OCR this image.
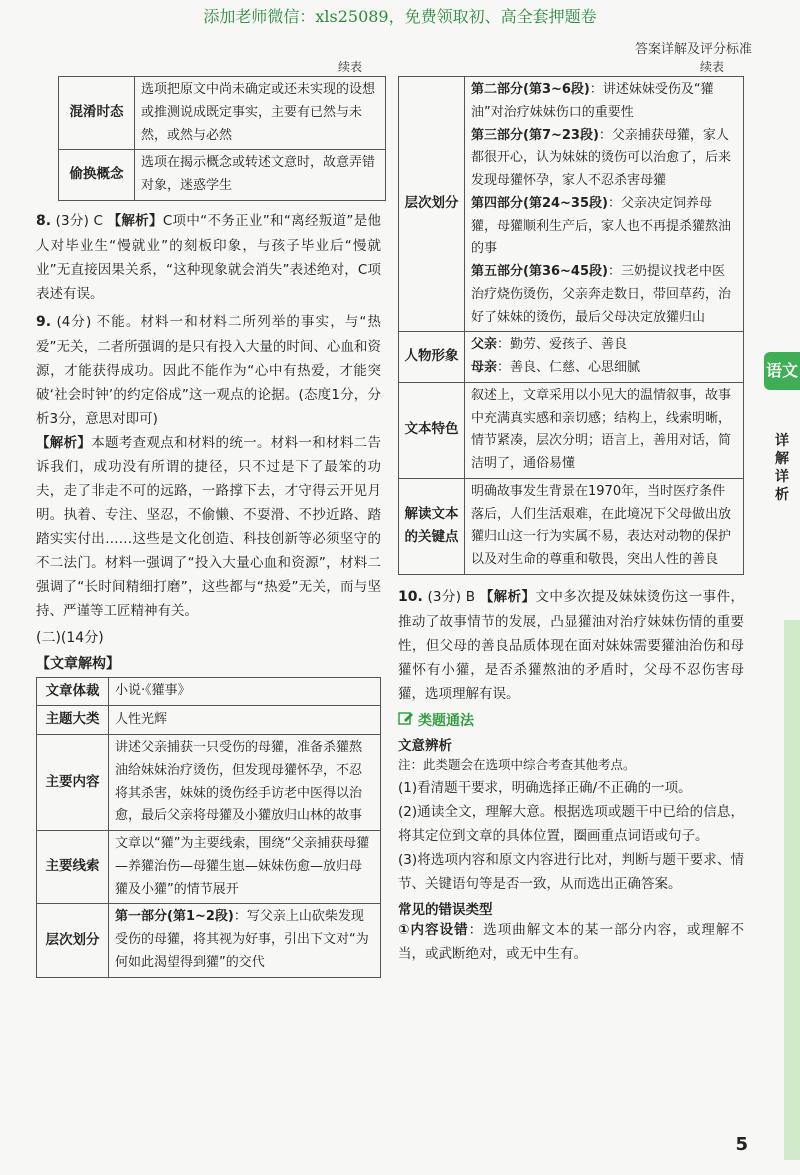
添加老师微信：xls25089，免费领取初、高全套押题卷
答案详解及评分标准
续表	续表
混淆时态	选项把原文中尚未确定或还未实现的设想或推测说成既定事实，主要有已然与未然，或然与必然
偷换概念	选项在揭示概念或转述文意时，故意弄错对象，迷惑学生
8. (3分) C 【解析】C项中“不务正业”和“离经叛道”是他人对毕业生“慢就业”的刻板印象，与孩子毕业后“慢就业”无直接因果关系，“这种现象就会消失”表述绝对，C项表述有误。
9. (4分) 不能。材料一和材料二所列举的事实，与“热爱”无关，二者所强调的是只有投入大量的时间、心血和资源，才能获得成功。因此不能作为“心中有热爱，才能突破‘社会时钟’的约定俗成”这一观点的论据。(态度1分，分析3分，意思对即可)
【解析】本题考查观点和材料的统一。材料一和材料二告诉我们，成功没有所谓的捷径，只不过是下了最笨的功夫，走了非走不可的远路，一路撑下去，才守得云开见月明。执着、专注、坚忍，不偷懒、不耍滑、不抄近路、踏踏实实付出……这些是文化创造、科技创新等必须坚守的不二法门。材料一强调了“投入大量心血和资源”，材料二强调了“长时间精细打磨”，这些都与“热爱”无关，而与坚持、严谨等工匠精神有关。
(二)(14分)
【文章解构】
文章体裁	小说·《獾事》
主题大类	人性光辉
主要内容	讲述父亲捕获一只受伤的母獾，准备杀獾熬油给妹妹治疗烫伤，但发现母獾怀孕，不忍将其杀害，妹妹的烫伤经手访老中医得以治愈，最后父亲将母獾及小獾放归山林的故事
主要线索	文章以“獾”为主要线索，围绕“父亲捕获母獾—养獾治伤—母獾生崽—妹妹伤愈—放归母獾及小獾”的情节展开
层次划分	第一部分(第1~2段)：写父亲上山砍柴发现受伤的母獾，将其视为好事，引出下文对“为何如此渴望得到獾”的交代
层次划分	第二部分(第3~6段)：讲述妹妹受伤及“獾油”对治疗妹妹伤口的重要性
第三部分(第7~23段)：父亲捕获母獾，家人都很开心，认为妹妹的烫伤可以治愈了，后来发现母獾怀孕，家人不忍杀害母獾
第四部分(第24~35段)：父亲决定饲养母獾，母獾顺利生产后，家人也不再提杀獾熬油的事
第五部分(第36~45段)：三奶提议找老中医治疗烧伤烫伤，父亲奔走数日，带回草药，治好了妹妹的烫伤，最后父母决定放獾归山

人物形象	父亲：勤劳、爱孩子、善良
母亲：善良、仁慈、心思细腻

文本特色	叙述上，文章采用以小见大的温情叙事，故事中充满真实感和亲切感；结构上，线索明晰，情节紧凑，层次分明；语言上，善用对话，简洁明了，通俗易懂
解读文本的关键点	明确故事发生背景在1970年，当时医疗条件落后，人们生活艰难，在此境况下父母做出放獾归山这一行为实属不易，表达对动物的保护以及对生命的尊重和敬畏，突出人性的善良
10. (3分) B 【解析】文中多次提及妹妹烫伤这一事件，推动了故事情节的发展，凸显獾油对治疗妹妹伤情的重要性，但父母的善良品质体现在面对妹妹需要獾油治伤和母獾怀有小獾，是否杀獾熬油的矛盾时，父母不忍伤害母獾，选项理解有误。
类题通法
文意辨析
注：此类题会在选项中综合考查其他考点。
(1)看清题干要求，明确选择正确/不正确的一项。
(2)通读全文，理解大意。根据选项或题干中已给的信息，将其定位到文章的具体位置，圈画重点词语或句子。
(3)将选项内容和原文内容进行比对，判断与题干要求、情节、关键语句等是否一致，从而选出正确答案。
常见的错误类型
①内容设错：选项曲解文本的某一部分内容，或理解不当，或武断绝对，或无中生有。
语文
详解详析
5
